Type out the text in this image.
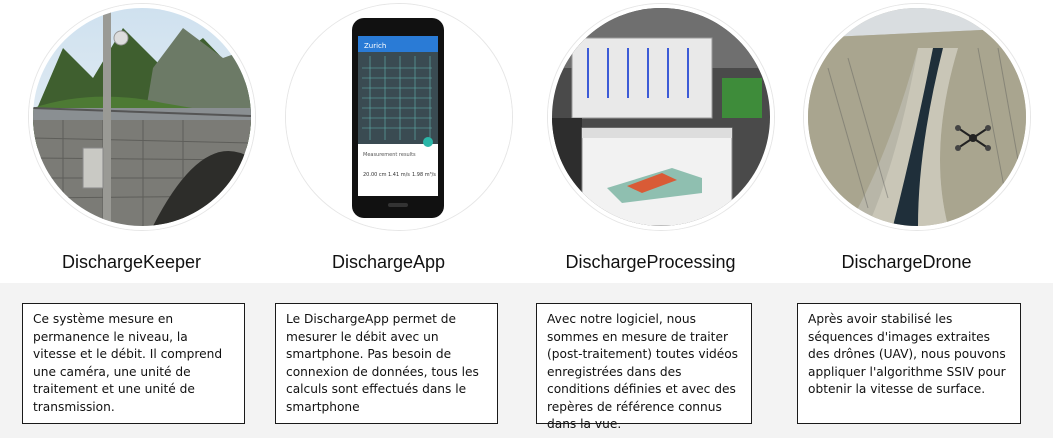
DischargeKeeper
Zurich
Measurement results
20.00 cm 1.41 m/s 1.98 m³/s
DischargeApp	DischargeProcessing	DischargeDrone
Ce système mesure en permanence le niveau, la vitesse et le débit. Il comprend une caméra, une unité de traitement et une unité de transmission.
Le DischargeApp permet de mesurer le débit avec un smartphone. Pas besoin de connexion de données, tous les calculs sont effectués dans le smartphone
Avec notre logiciel, nous sommes en mesure de traiter (post-traitement) toutes vidéos enregistrées dans des conditions définies et avec des repères de référence connus dans la vue.
Après avoir stabilisé les séquences d'images extraites des drônes (UAV), nous pouvons appliquer l'algorithme SSIV pour obtenir la vitesse de surface.
